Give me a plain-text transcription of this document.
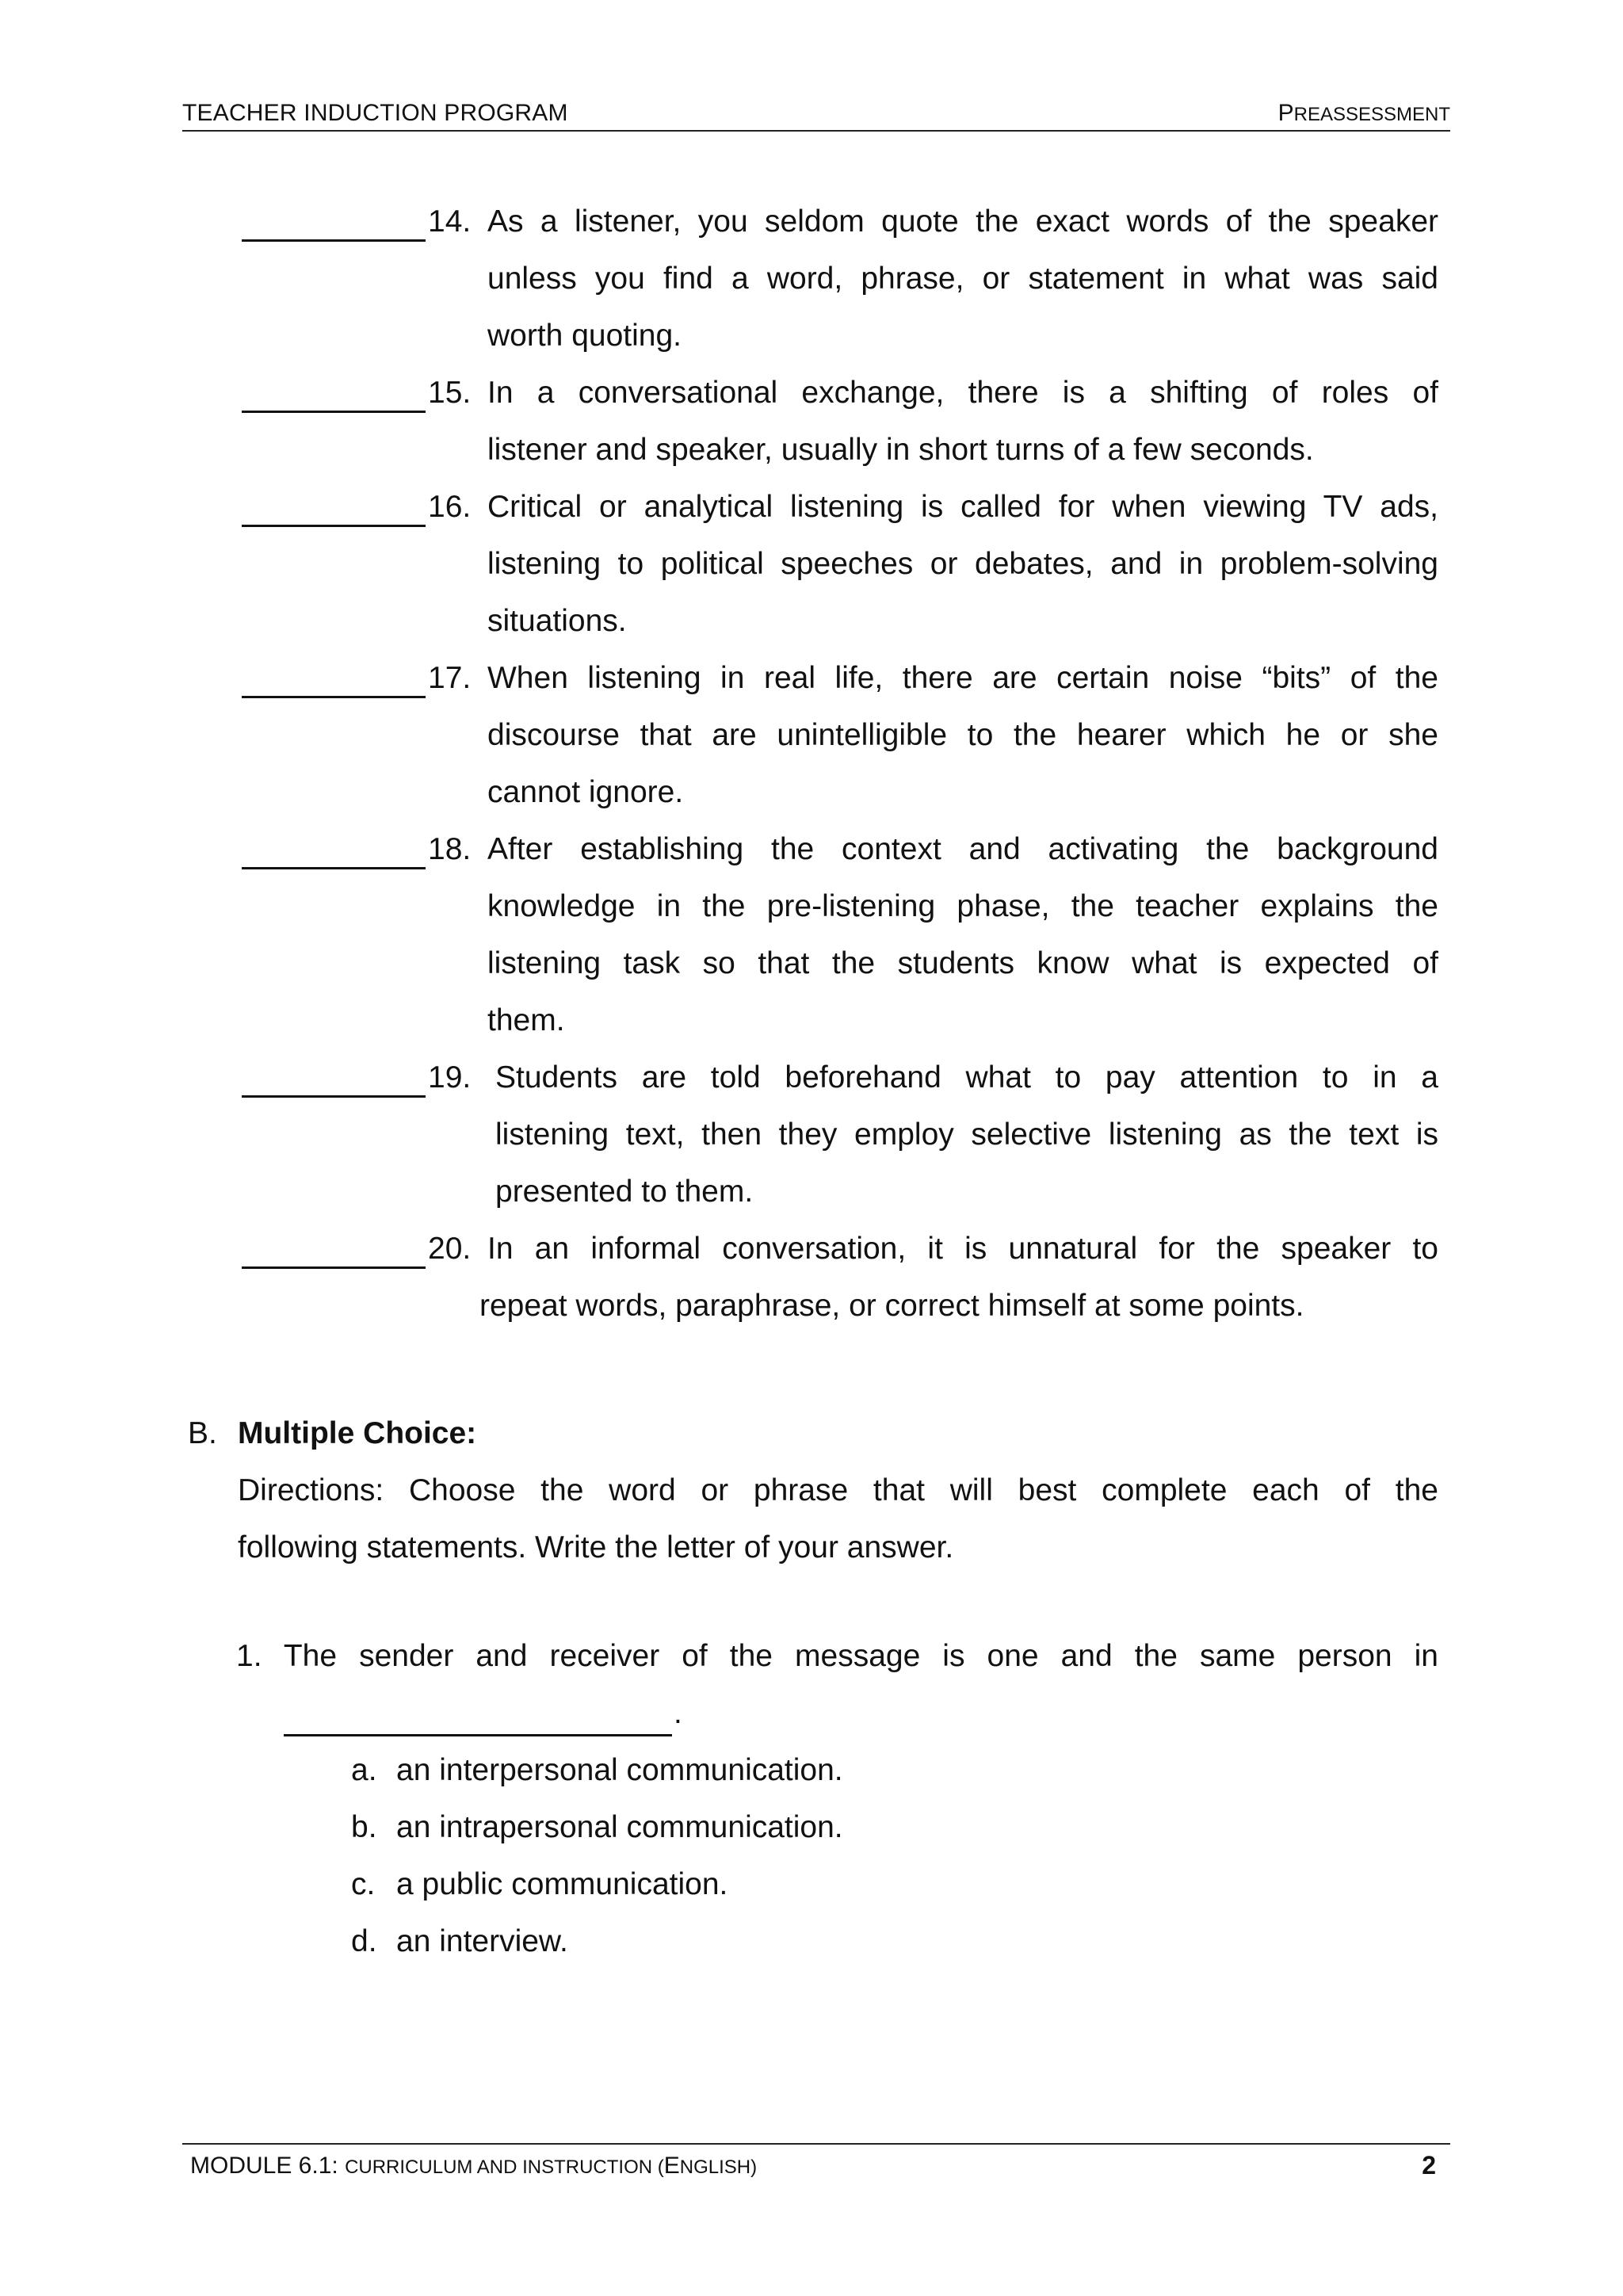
TEACHER INDUCTION PROGRAM	PREASSESSMENT
14. As a listener, you seldom quote the exact words of the speaker
unless you find a word, phrase, or statement in what was said
worth quoting.
15. In a conversational exchange, there is a shifting of roles of
listener and speaker, usually in short turns of a few seconds.
16. Critical or analytical listening is called for when viewing TV ads,
listening to political speeches or debates, and in problem-solving
situations.
17. When listening in real life, there are certain noise “bits” of the
discourse that are unintelligible to the hearer which he or she
cannot ignore.
18. After establishing the context and activating the background
knowledge in the pre-listening phase, the teacher explains the
listening task so that the students know what is expected of
them.
19. Students are told beforehand what to pay attention to in a
listening text, then they employ selective listening as the text is
presented to them.
20. In an informal conversation, it is unnatural for the speaker to
repeat words, paraphrase, or correct himself at some points.
B. Multiple Choice:
Directions: Choose the word or phrase that will best complete each of the
following statements. Write the letter of your answer.
1. The sender and receiver of the message is one and the same person in
.
a. an interpersonal communication.
b. an intrapersonal communication.
c. a public communication.
d. an interview.
MODULE 6.1: CURRICULUM AND INSTRUCTION (ENGLISH)	2
